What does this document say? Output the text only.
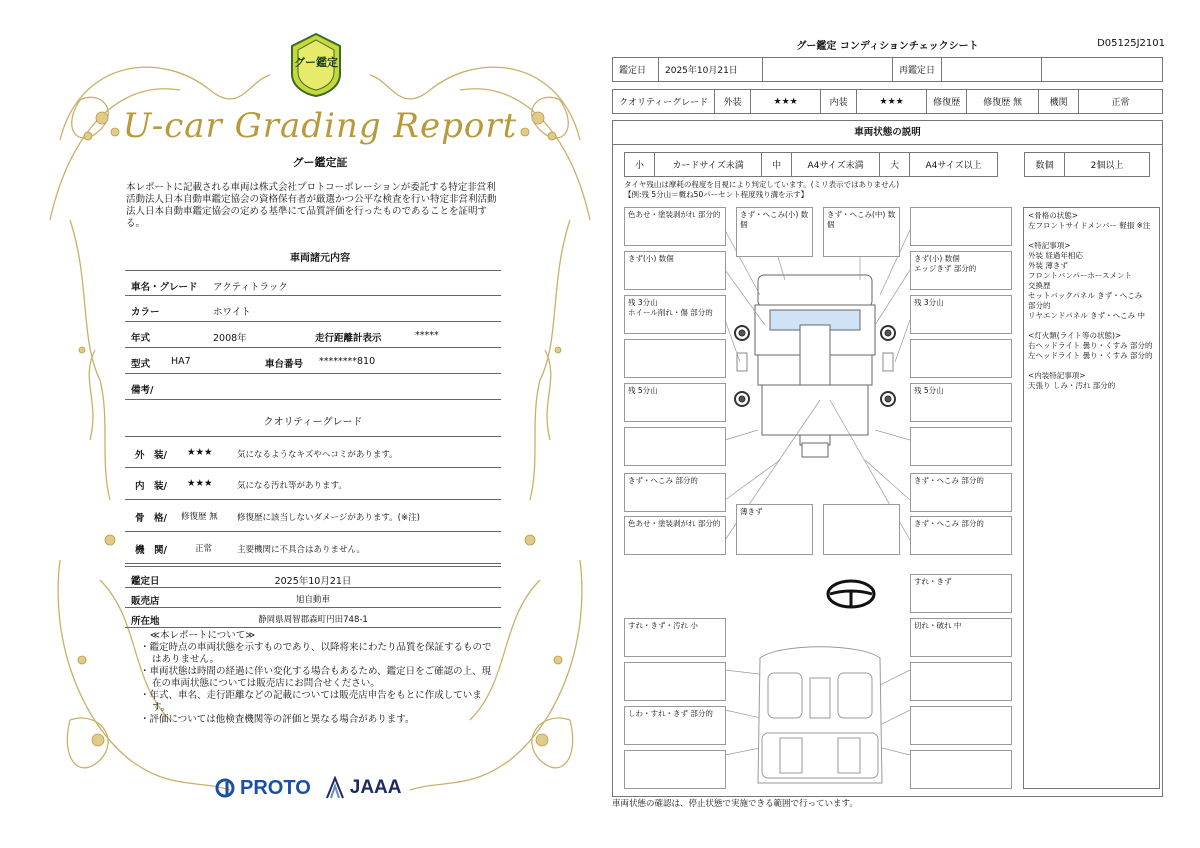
グー鑑定
U-car Grading Report
グー鑑定証
本レポートに記載される車両は株式会社プロトコーポレーションが委託する特定非営利活動法人日本自動車鑑定協会の資格保有者が厳選かつ公平な検査を行い特定非営利活動法人日本自動車鑑定協会の定める基準にて品質評価を行ったものであることを証明する。
車両諸元内容
車名・グレード アクティトラック
カラー	ホワイト
年式	2008年	走行距離計表示	*****
型式 HA7	車台番号 ********810
備考/
クオリティーグレード
外　装/ ★★★	気になるようなキズやヘコミがあります。
内　装/ ★★★	気になる汚れ等があります。
骨　格/ 修復歴 無 修復歴に該当しないダメージがあります。(※注)
機　関/	正常	主要機関に不具合はありません。
鑑定日	2025年10月21日
販売店	旭自動車
所在地	静岡県周智郡森町円田748-1
≪本レポートについて≫
・鑑定時点の車両状態を示すものであり、以降将来にわたり品質を保証するものではありません。
・車両状態は時間の経過に伴い変化する場合もあるため、鑑定日をご確認の上、現在の車両状態については販売店にお問合せください。
・年式、車名、走行距離などの記載については販売店申告をもとに作成しています。
・評価については他検査機関等の評価と異なる場合があります。
PROTO JAAA
グー鑑定 コンディションチェックシート	D05125J2101
鑑定日	2025年10月21日		再鑑定日		
クオリティーグレード	外装	★★★	内装	★★★	修復歴	修復歴 無	機関	正常
車両状態の説明
小	カードサイズ未満	中	A4サイズ未満	大	A4サイズ以上	数個	2個以上
タイヤ残山は摩耗の程度を目視により判定しています。(ミリ表示ではありません)
【例:残 5分山＝概ね50パーセント程度残り溝を示す】
色あせ・塗装剥がれ 部分的	きず・へこみ(小) 数個
きず・へこみ(中) 数個
きず(小) 数個	きず(小) 数個
エッジきず 部分的
残 3分山
ホイール削れ・傷 部分的
残 3分山
残 5分山	残 5分山
きず・へこみ 部分的	きず・へこみ 部分的
色あせ・塗装剥がれ 部分的
薄きず
きず・へこみ 部分的
すれ・きず
すれ・きず・汚れ 小	切れ・破れ 中
しわ・すれ・きず 部分的
<骨格の状態>
左フロントサイドメンバー 軽損 ※注
<特記事項>
外装 経過年相応
外装 薄きず
フロントバンパーホースメント
交換歴
セットバックパネル きず・へこみ
部分的
リヤエンドパネル きず・へこみ 中
<灯火類(ライト等の状態)>
右ヘッドライト 曇り・くすみ 部分的
左ヘッドライト 曇り・くすみ 部分的
<内装特記事項>
天張り しみ・汚れ 部分的
車両状態の確認は、停止状態で実施できる範囲で行っています。
